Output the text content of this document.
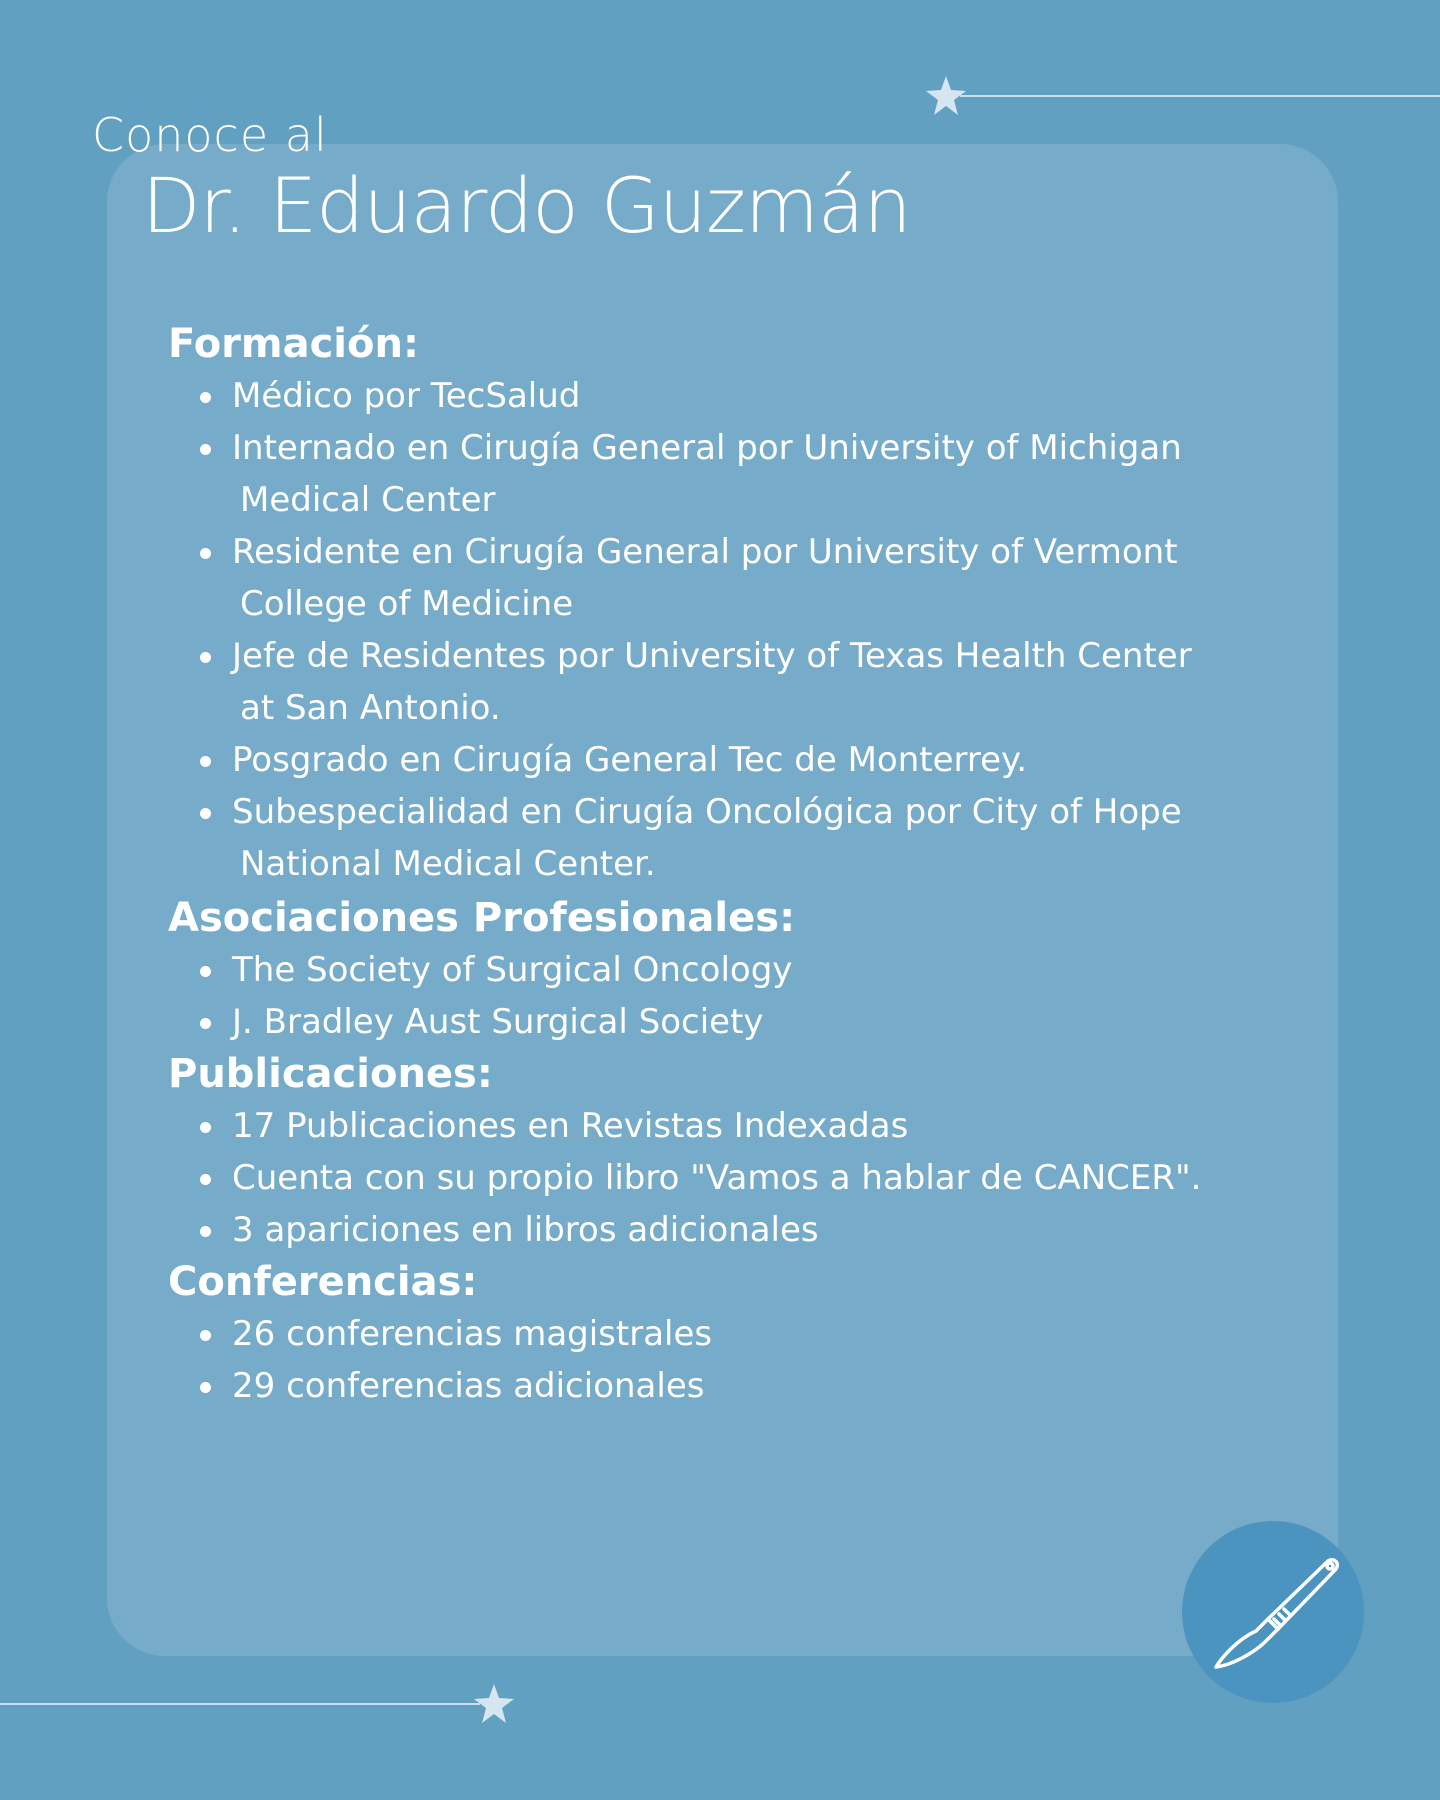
Conoce al
Dr. Eduardo Guzmán
Formación:
Médico por TecSalud
Internado en Cirugía General por University of Michigan Medical Center
Residente en Cirugía General por University of Vermont College of Medicine
Jefe de Residentes por University of Texas Health Center at San Antonio.
Posgrado en Cirugía General Tec de Monterrey.
Subespecialidad en Cirugía Oncológica por City of Hope National Medical Center.
Asociaciones Profesionales:
The Society of Surgical Oncology
J. Bradley Aust Surgical Society
Publicaciones:
17 Publicaciones en Revistas Indexadas
Cuenta con su propio libro "Vamos a hablar de CANCER".
3 apariciones en libros adicionales
Conferencias:
26 conferencias magistrales
29 conferencias adicionales
